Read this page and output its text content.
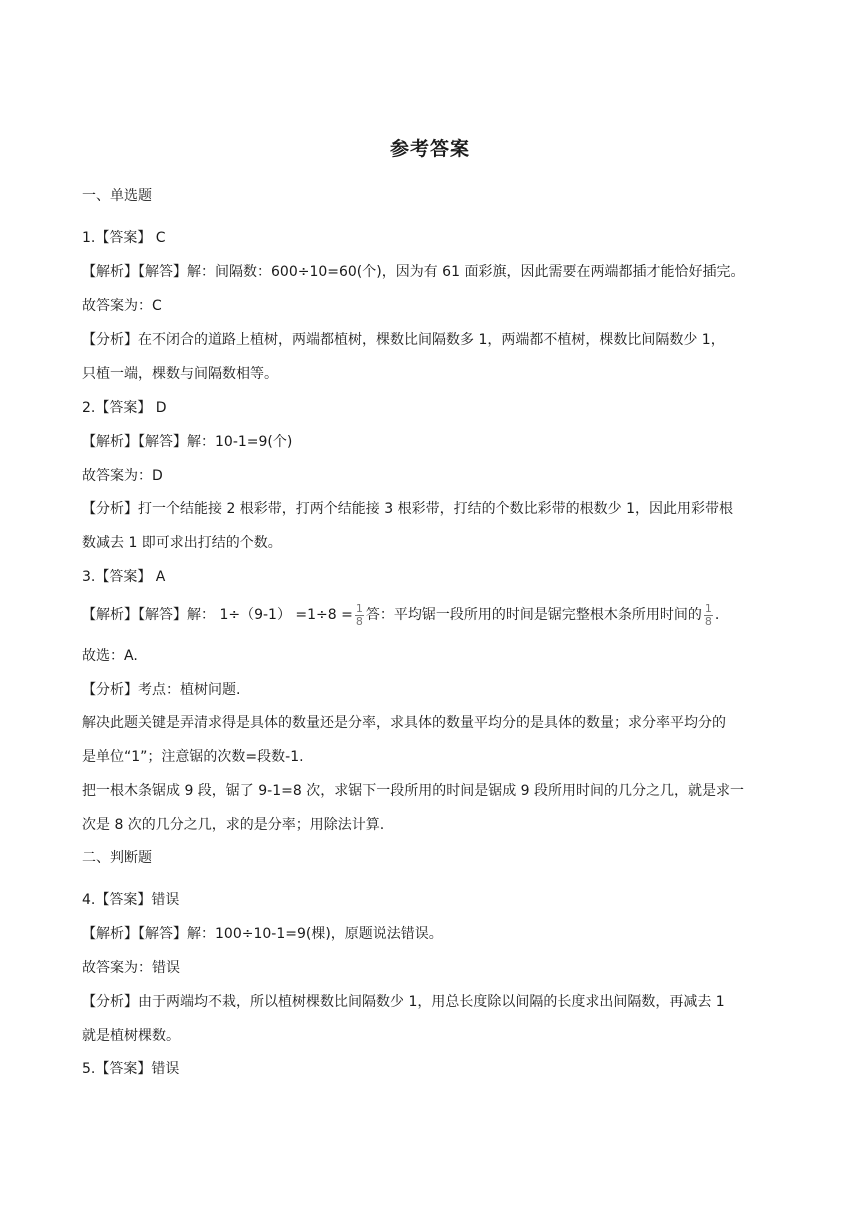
参考答案
一、单选题
1.【答案】 C
【解析】【解答】解：间隔数：600÷10=60(个)，因为有 61 面彩旗，因此需要在两端都插才能恰好插完。
故答案为：C
【分析】在不闭合的道路上植树，两端都植树，棵数比间隔数多 1，两端都不植树，棵数比间隔数少 1，
只植一端，棵数与间隔数相等。
2.【答案】 D
【解析】【解答】解：10-1=9(个)
故答案为：D
【分析】打一个结能接 2 根彩带，打两个结能接 3 根彩带，打结的个数比彩带的根数少 1，因此用彩带根
数减去 1 即可求出打结的个数。
3.【答案】 A
【解析】【解答】解： $1\div(9-1) =1\div 8 = \frac{1}{8}$ 答：平均锯一段所用的时间是锯完整根木条所用时间的 $\frac{1}{8}$ .
故选：A.
【分析】考点：植树问题.
解决此题关键是弄清求得是具体的数量还是分率，求具体的数量平均分的是具体的数量；求分率平均分的
是单位“1”；注意锯的次数=段数-1.
把一根木条锯成 9 段，锯了 9-1=8 次，求锯下一段所用的时间是锯成 9 段所用时间的几分之几，就是求一
次是 8 次的几分之几，求的是分率；用除法计算.
二、判断题
4.【答案】错误
【解析】【解答】解：100÷10-1=9(棵)，原题说法错误。
故答案为：错误
【分析】由于两端均不栽，所以植树棵数比间隔数少 1，用总长度除以间隔的长度求出间隔数，再减去 1
就是植树棵数。
5.【答案】错误
